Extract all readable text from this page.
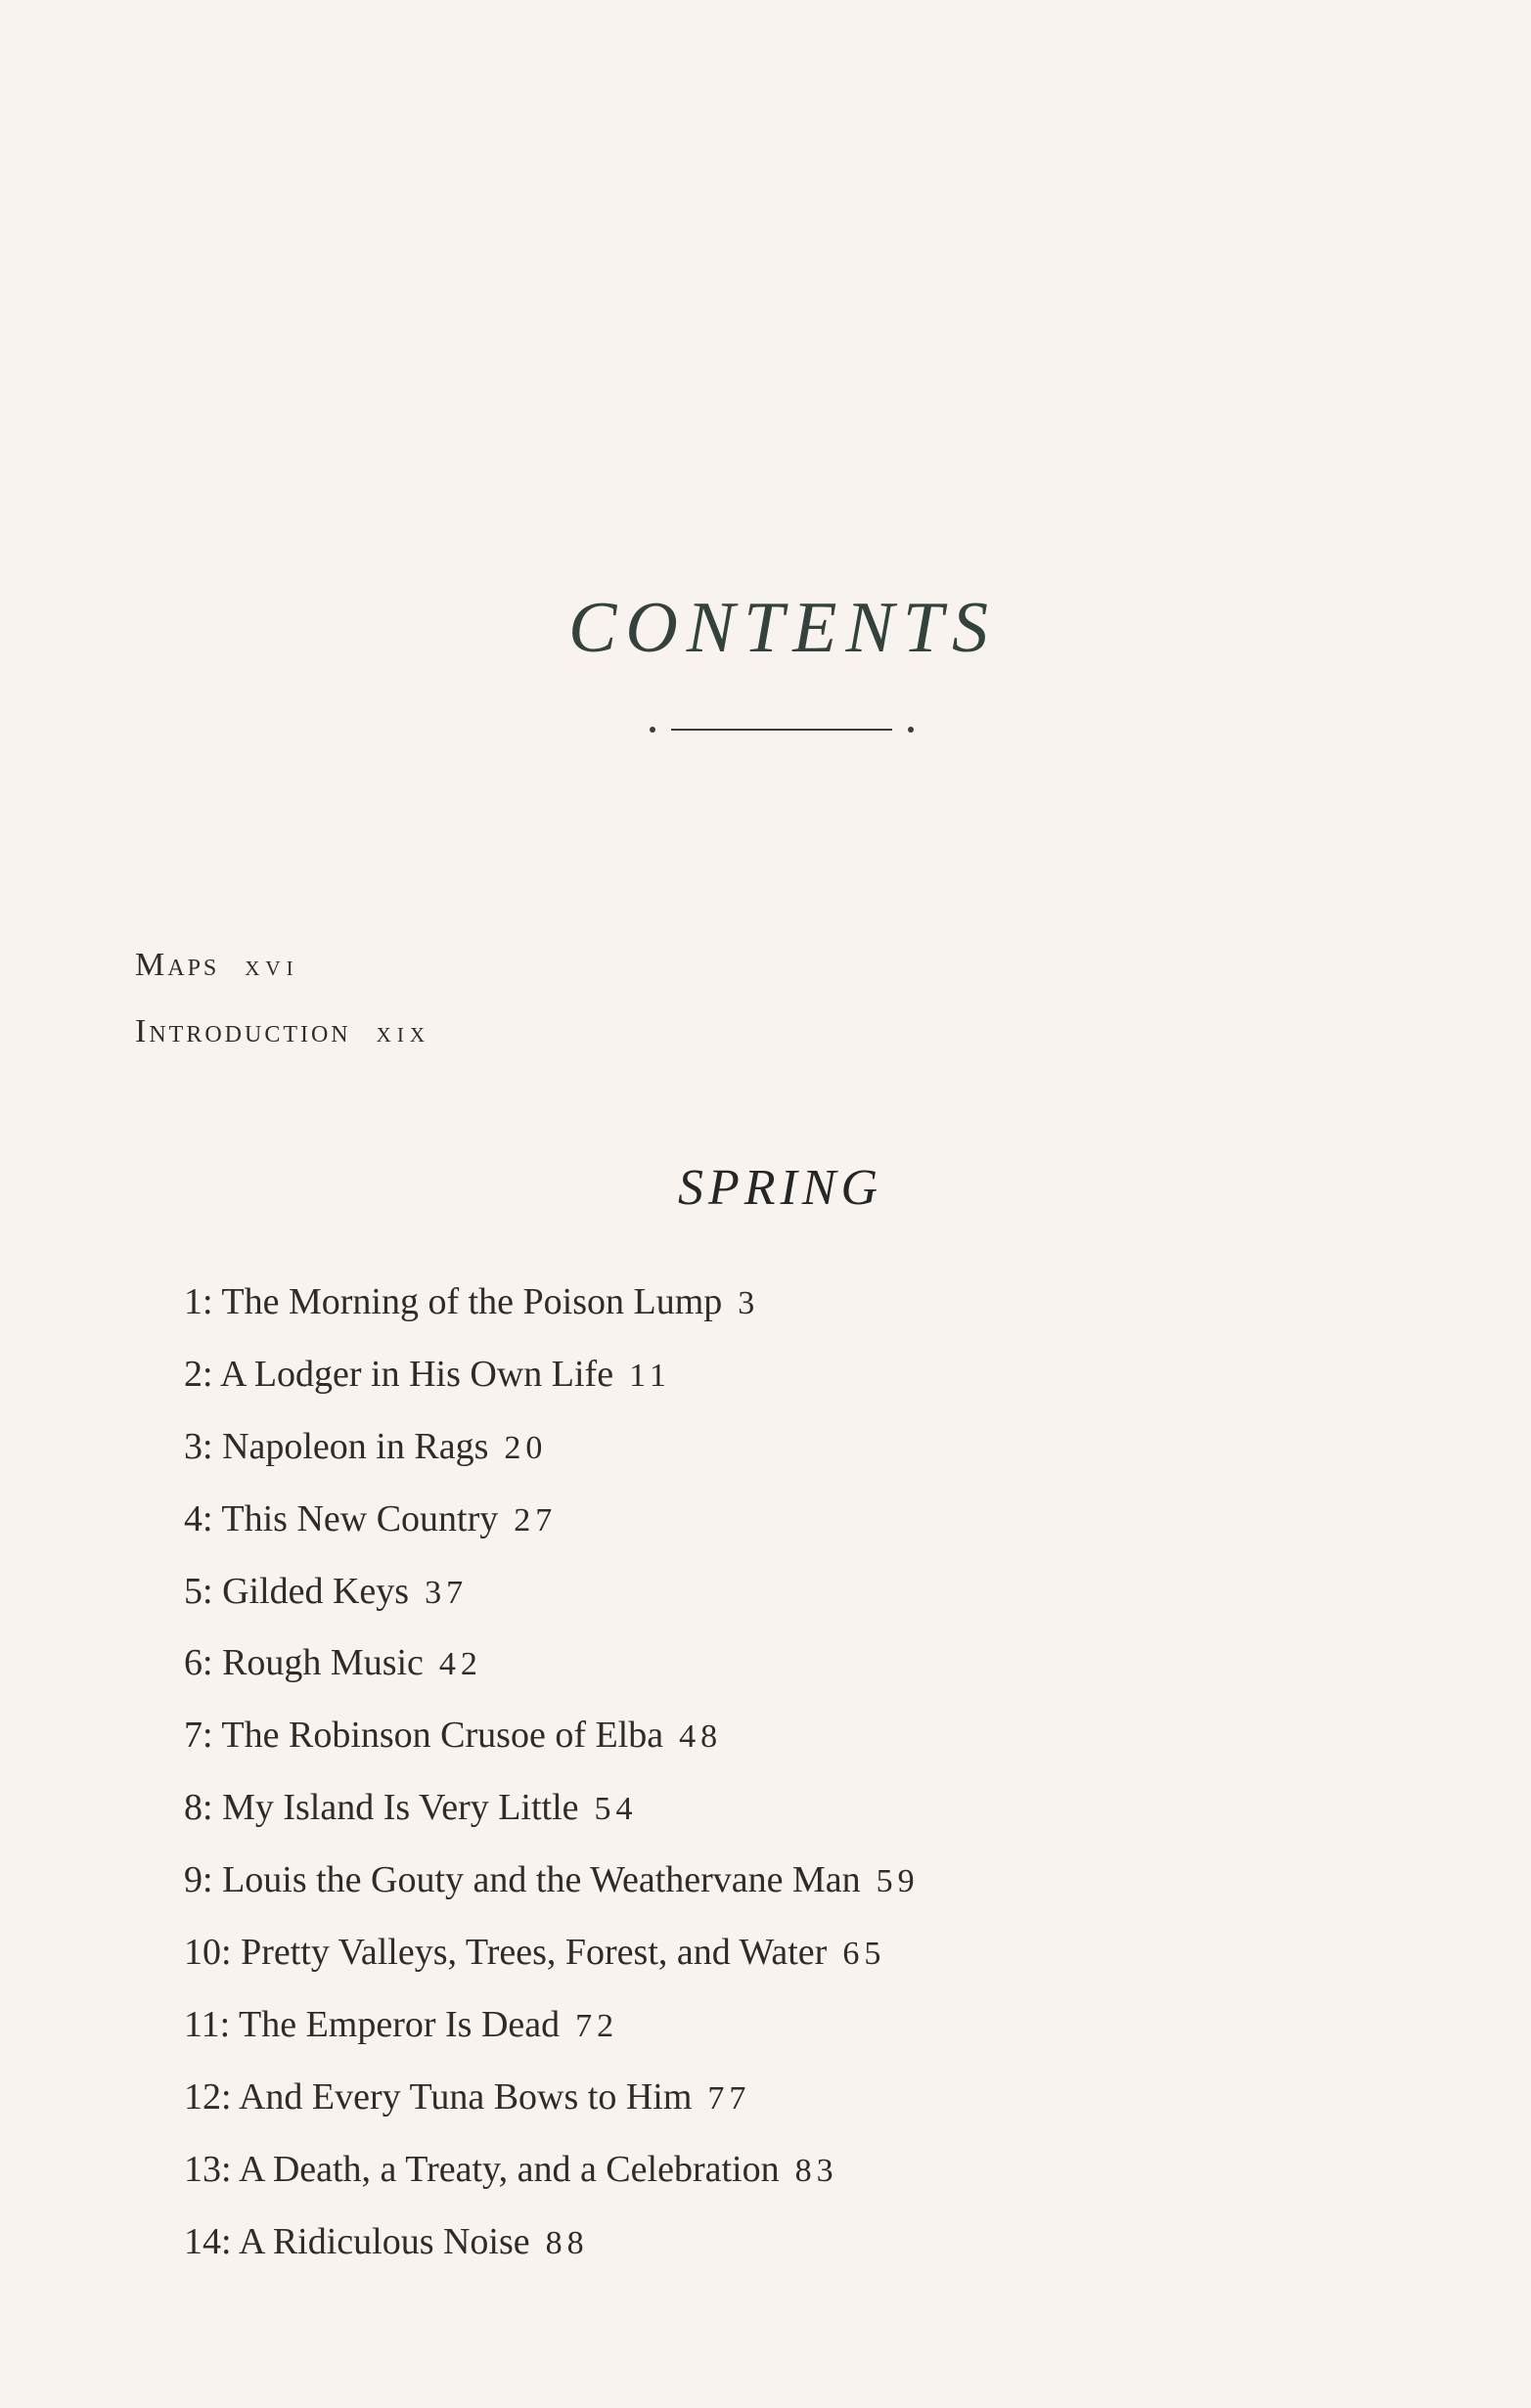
CONTENTS
Maps xvi
Introduction xix
SPRING
1: The Morning of the Poison Lump 3
2: A Lodger in His Own Life 11
3: Napoleon in Rags 20
4: This New Country 27
5: Gilded Keys 37
6: Rough Music 42
7: The Robinson Crusoe of Elba 48
8: My Island Is Very Little 54
9: Louis the Gouty and the Weathervane Man 59
10: Pretty Valleys, Trees, Forest, and Water 65
11: The Emperor Is Dead 72
12: And Every Tuna Bows to Him 77
13: A Death, a Treaty, and a Celebration 83
14: A Ridiculous Noise 88
